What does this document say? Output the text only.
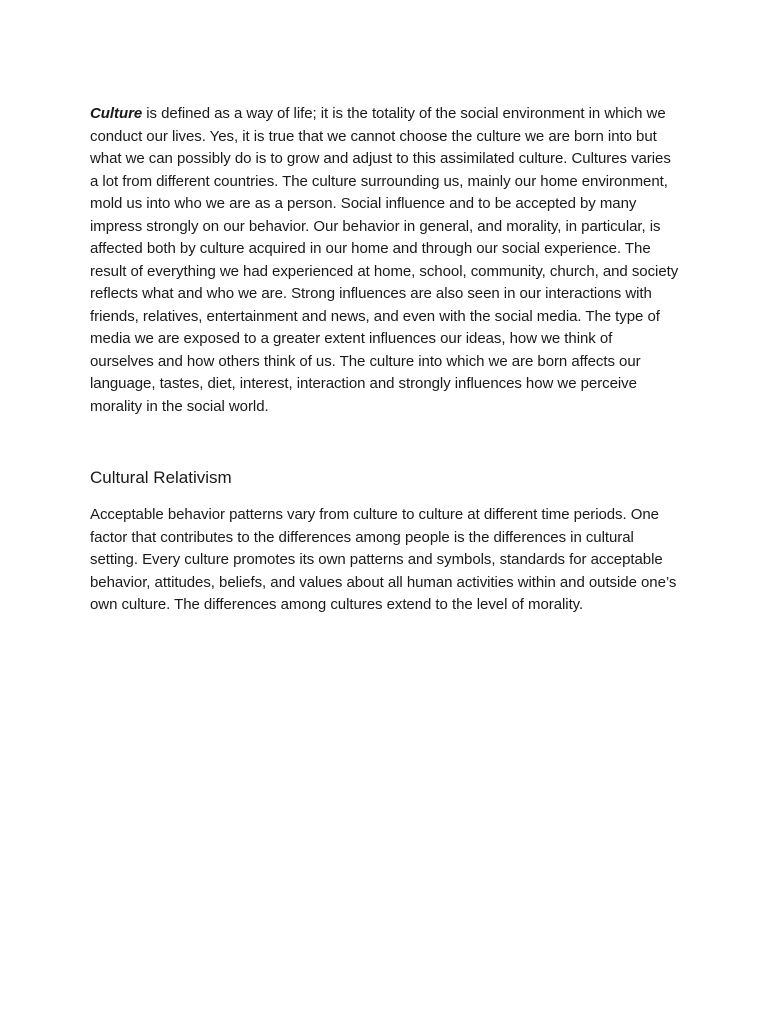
Culture is defined as a way of life; it is the totality of the social environment in which we conduct our lives. Yes, it is true that we cannot choose the culture we are born into but what we can possibly do is to grow and adjust to this assimilated culture. Cultures varies a lot from different countries. The culture surrounding us, mainly our home environment, mold us into who we are as a person. Social influence and to be accepted by many impress strongly on our behavior. Our behavior in general, and morality, in particular, is affected both by culture acquired in our home and through our social experience. The result of everything we had experienced at home, school, community, church, and society reflects what and who we are. Strong influences are also seen in our interactions with friends, relatives, entertainment and news, and even with the social media. The type of media we are exposed to a greater extent influences our ideas, how we think of ourselves and how others think of us. The culture into which we are born affects our language, tastes, diet, interest, interaction and strongly influences how we perceive morality in the social world.

Cultural Relativism

Acceptable behavior patterns vary from culture to culture at different time periods. One factor that contributes to the differences among people is the differences in cultural setting. Every culture promotes its own patterns and symbols, standards for acceptable behavior, attitudes, beliefs, and values about all human activities within and outside one’s own culture. The differences among cultures extend to the level of morality.
